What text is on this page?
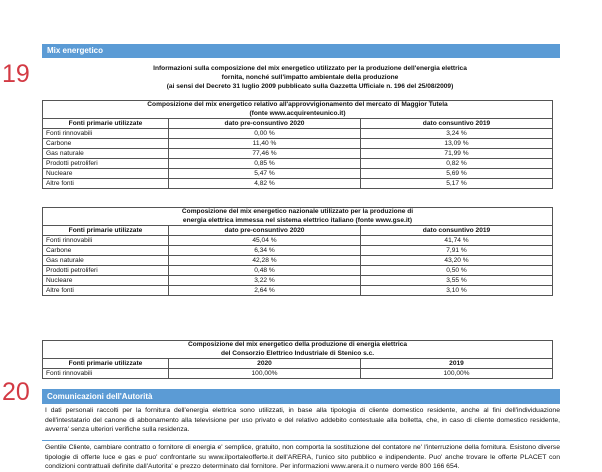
Mix energetico
19	Informazioni sulla composizione del mix energetico utilizzato per la produzione dell'energia elettrica
fornita, nonché sull'impatto ambientale della produzione
(ai sensi del Decreto 31 luglio 2009 pubblicato sulla Gazzetta Ufficiale n. 196 del 25/08/2009)
Composizione del mix energetico relativo all'approvvigionamento del mercato di Maggior Tutela
(fonte www.acquirenteunico.it)		

Fonti primarie utilizzate	dato pre-consuntivo 2020	dato consuntivo 2019
Fonti rinnovabili	0,00 %	3,24 %
Carbone	11,40 %	13,09 %
Gas naturale	77,46 %	71,99 %
Prodotti petroliferi	0,85 %	0,82 %
Nucleare	5,47 %	5,69 %
Altre fonti	4,82 %	5,17 %
Composizione del mix energetico nazionale utilizzato per la produzione di
energia elettrica immessa nel sistema elettrico italiano (fonte www.gse.it)		

Fonti primarie utilizzate	dato pre-consuntivo 2020	dato consuntivo 2019
Fonti rinnovabili	45,04 %	41,74 %
Carbone	6,34 %	7,91 %
Gas naturale	42,28 %	43,20 %
Prodotti petroliferi	0,48 %	0,50 %
Nucleare	3,22 %	3,55 %
Altre fonti	2,64 %	3,10 %
Composizione del mix energetico della produzione di energia elettrica
del Consorzio Elettrico Industriale di Stenico s.c.		

Fonti primarie utilizzate	2020	2019
Fonti rinnovabili	100,00%	100,00%
Comunicazioni dell'Autorità
20
I dati personali raccolti per la fornitura dell'energia elettrica sono utilizzati, in base alla tipologia di cliente domestico residente, anche al fini dell'individuazione dell'intestatario del canone di abbonamento alla televisione per uso privato e del relativo addebito contestuale alla bolletta, che, in caso di cliente domestico residente, avverra' senza ulteriori verifiche sulla residenza.
Gentile Cliente, cambiare contratto o fornitore di energia e' semplice, gratuito, non comporta la sostituzione del contatore ne' l'interruzione della fornitura. Esistono diverse tipologie di offerte luce e gas e puo' confrontarle su www.ilportaleofferte.it dell'ARERA, l'unico sito pubblico e indipendente. Puo' anche trovare le offerte PLACET con condizioni contrattuali definite dall'Autorita' e prezzo determinato dal fornitore. Per informazioni www.arera.it o numero verde 800 166 654.
